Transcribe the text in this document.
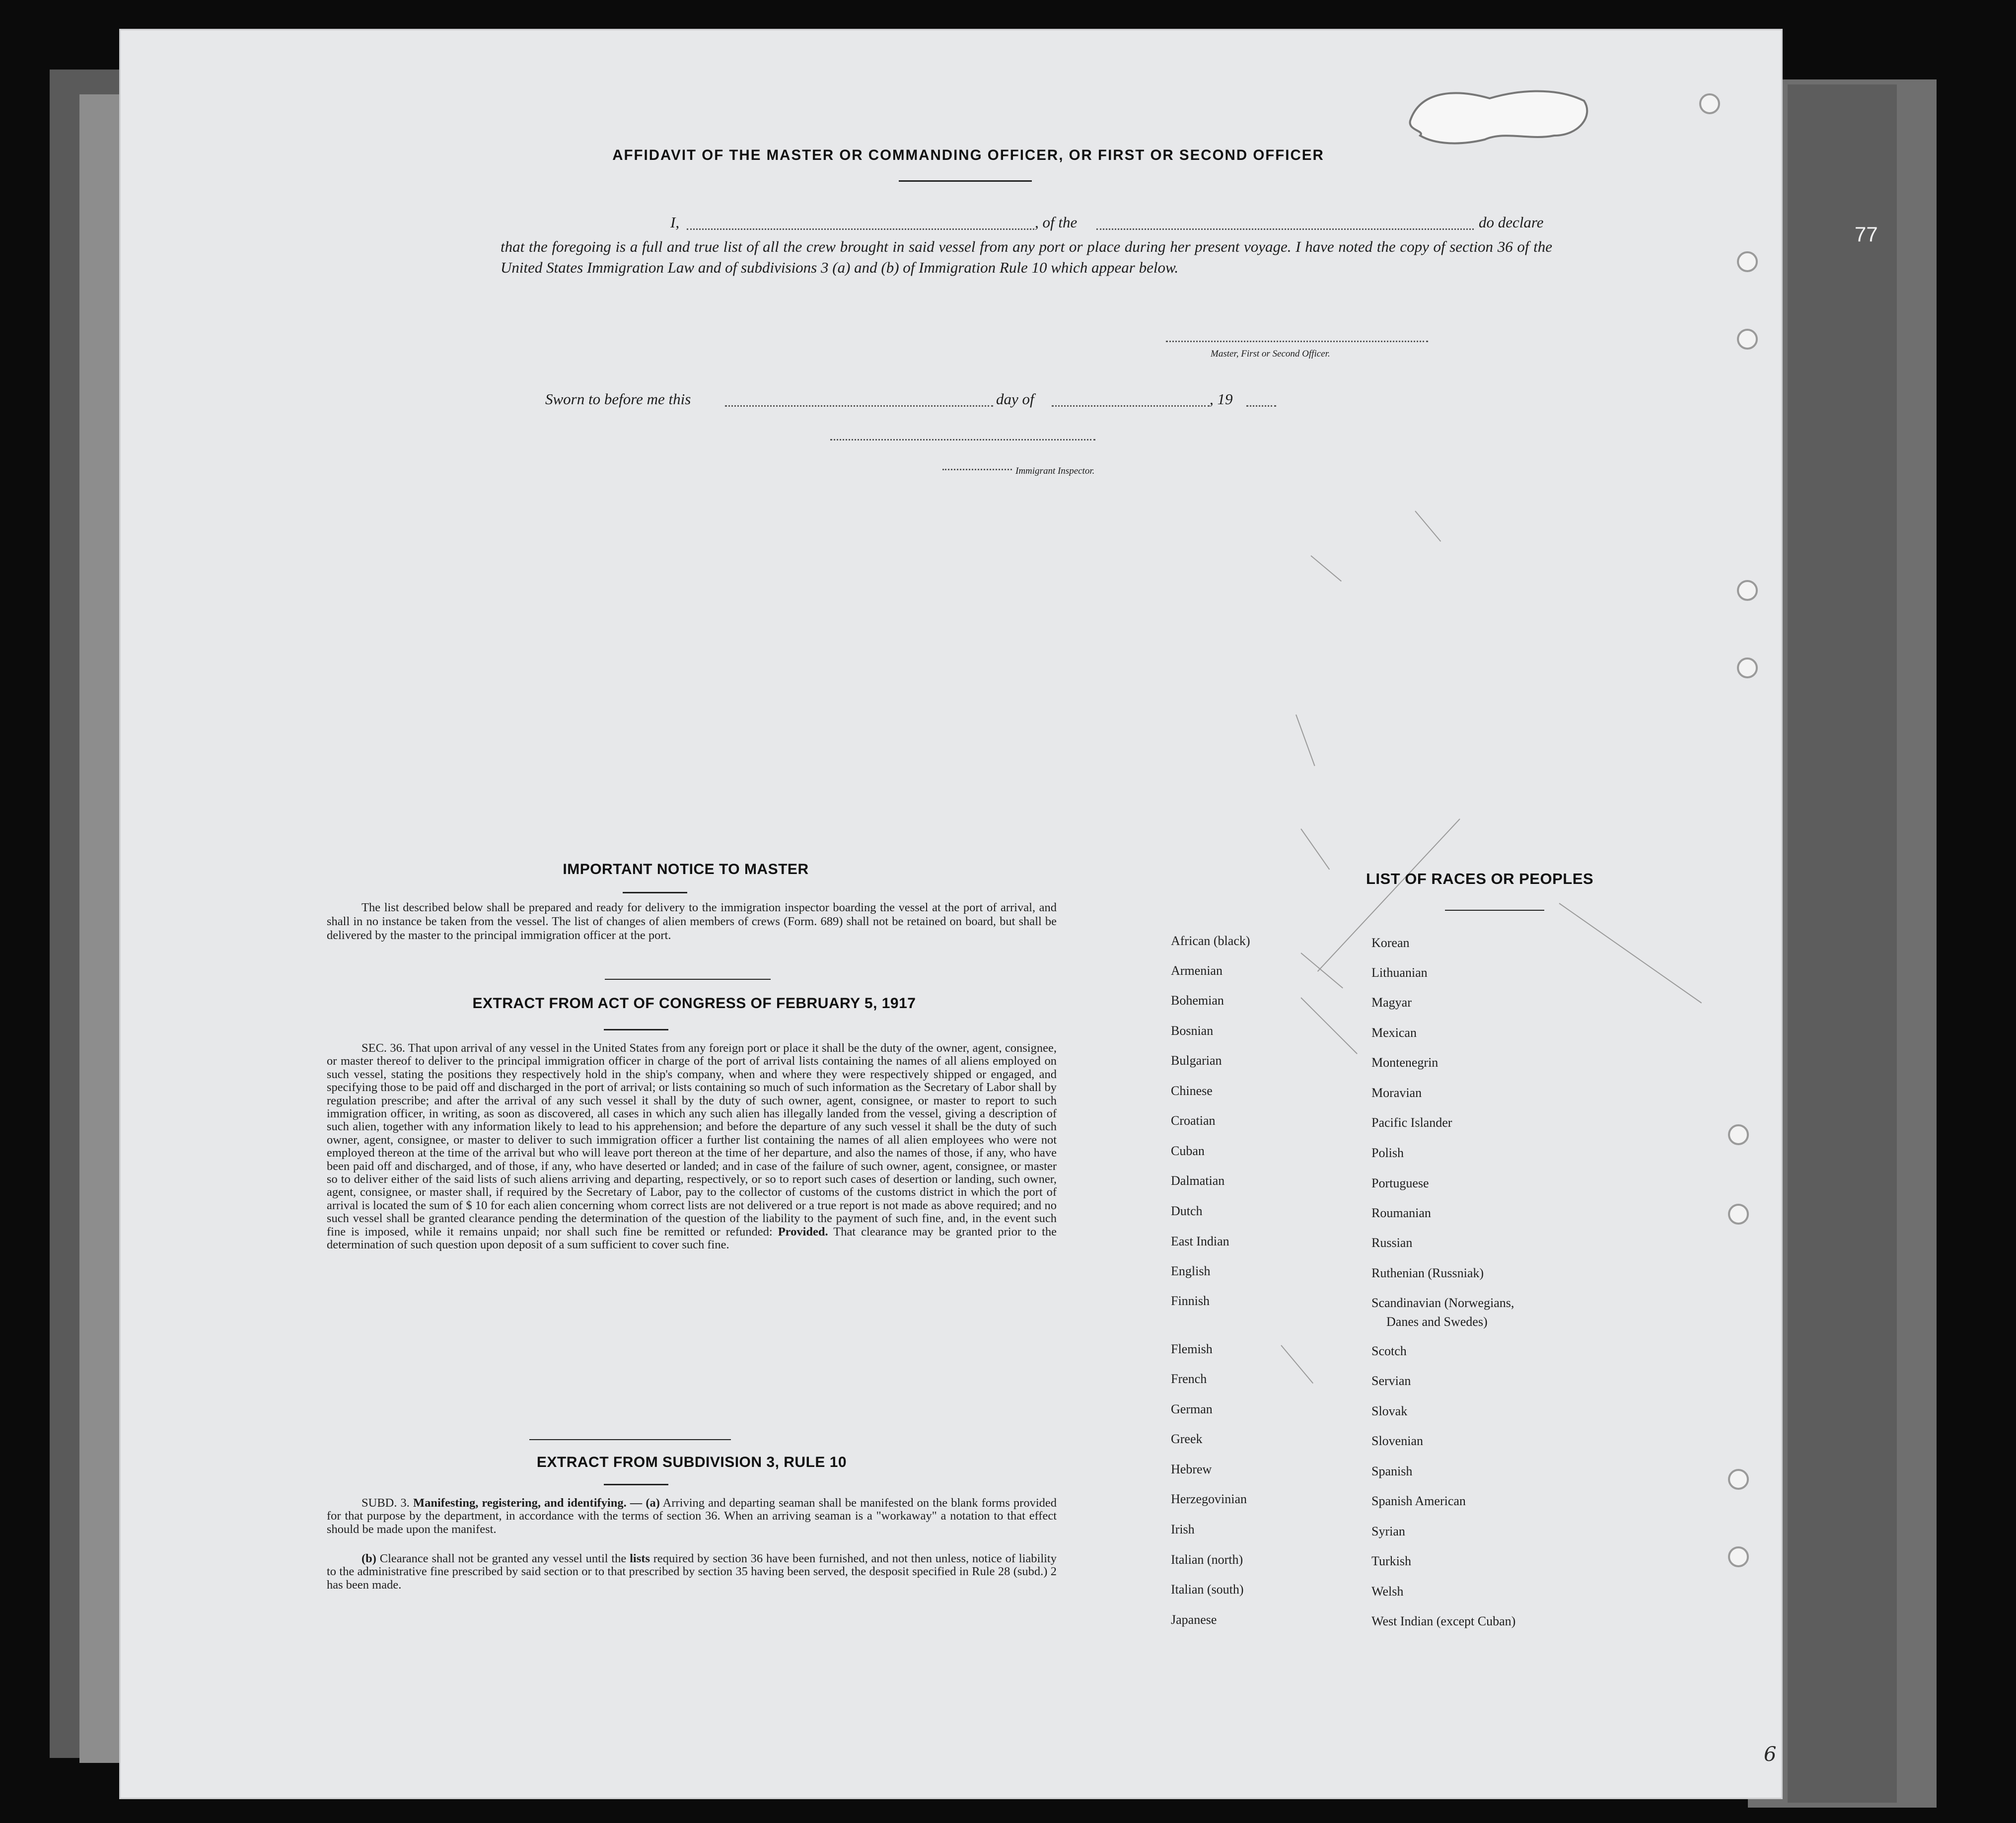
77
AFFIDAVIT OF THE MASTER OR COMMANDING OFFICER, OR FIRST OR SECOND OFFICER
I,	, of the	do declare
that the foregoing is a full and true list of all the crew brought in said vessel from any port or place during her present voyage. I have noted the copy of section 36 of the United States Immigration Law and of subdivisions 3 (a) and (b) of Immigration Rule 10 which appear below.
Master, First or Second Officer.
Sworn to before me this	day of	, 19
Immigrant Inspector.
IMPORTANT NOTICE TO MASTER
The list described below shall be prepared and ready for delivery to the immigration inspector boarding the vessel at the port of arrival, and shall in no instance be taken from the vessel. The list of changes of alien members of crews (Form. 689) shall not be retained on board, but shall be delivered by the master to the principal immigration officer at the port.
EXTRACT FROM ACT OF CONGRESS OF FEBRUARY 5, 1917
SEC. 36. That upon arrival of any vessel in the United States from any foreign port or place it shall be the duty of the owner, agent, consignee, or master thereof to deliver to the principal immigration officer in charge of the port of arrival lists containing the names of all aliens employed on such vessel, stating the positions they respectively hold in the ship's company, when and where they were respectively shipped or engaged, and specifying those to be paid off and discharged in the port of arrival; or lists containing so much of such information as the Secretary of Labor shall by regulation prescribe; and after the arrival of any such vessel it shall by the duty of such owner, agent, consignee, or master to report to such immigration officer, in writing, as soon as discovered, all cases in which any such alien has illegally landed from the vessel, giving a description of such alien, together with any information likely to lead to his apprehension; and before the departure of any such vessel it shall be the duty of such owner, agent, consignee, or master to deliver to such immigration officer a further list containing the names of all alien employees who were not employed thereon at the time of the arrival but who will leave port thereon at the time of her departure, and also the names of those, if any, who have been paid off and discharged, and of those, if any, who have deserted or landed; and in case of the failure of such owner, agent, consignee, or master so to deliver either of the said lists of such aliens arriving and departing, respectively, or so to report such cases of desertion or landing, such owner, agent, consignee, or master shall, if required by the Secretary of Labor, pay to the collector of customs of the customs district in which the port of arrival is located the sum of $ 10 for each alien concerning whom correct lists are not delivered or a true report is not made as above required; and no such vessel shall be granted clearance pending the determination of the question of the liability to the payment of such fine, and, in the event such fine is imposed, while it remains unpaid; nor shall such fine be remitted or refunded: Provided. That clearance may be granted prior to the determination of such question upon deposit of a sum sufficient to cover such fine.
EXTRACT FROM SUBDIVISION 3, RULE 10
SUBD. 3. Manifesting, registering, and identifying. — (a) Arriving and departing seaman shall be manifested on the blank forms provided for that purpose by the department, in accordance with the terms of section 36. When an arriving seaman is a "workaway" a notation to that effect should be made upon the manifest.
(b) Clearance shall not be granted any vessel until the lists required by section 36 have been furnished, and not then unless, notice of liability to the administrative fine prescribed by said section or to that prescribed by section 35 having been served, the desposit specified in Rule 28 (subd.) 2 has been made.
LIST OF RACES OR PEOPLES
African (black)
Armenian
Bohemian
Bosnian
Bulgarian
Chinese
Croatian
Cuban
Dalmatian
Dutch
East Indian
English
Finnish
Flemish
French
German
Greek
Hebrew
Herzegovinian
Irish
Italian (north)
Italian (south)
Japanese
Korean
Lithuanian
Magyar
Mexican
Montenegrin
Moravian
Pacific Islander
Polish
Portuguese
Roumanian
Russian
Ruthenian (Russniak)
Scandinavian (Norwegians,
Danes and Swedes)
Scotch
Servian
Slovak
Slovenian
Spanish
Spanish American
Syrian
Turkish
Welsh
West Indian (except Cuban)
6
